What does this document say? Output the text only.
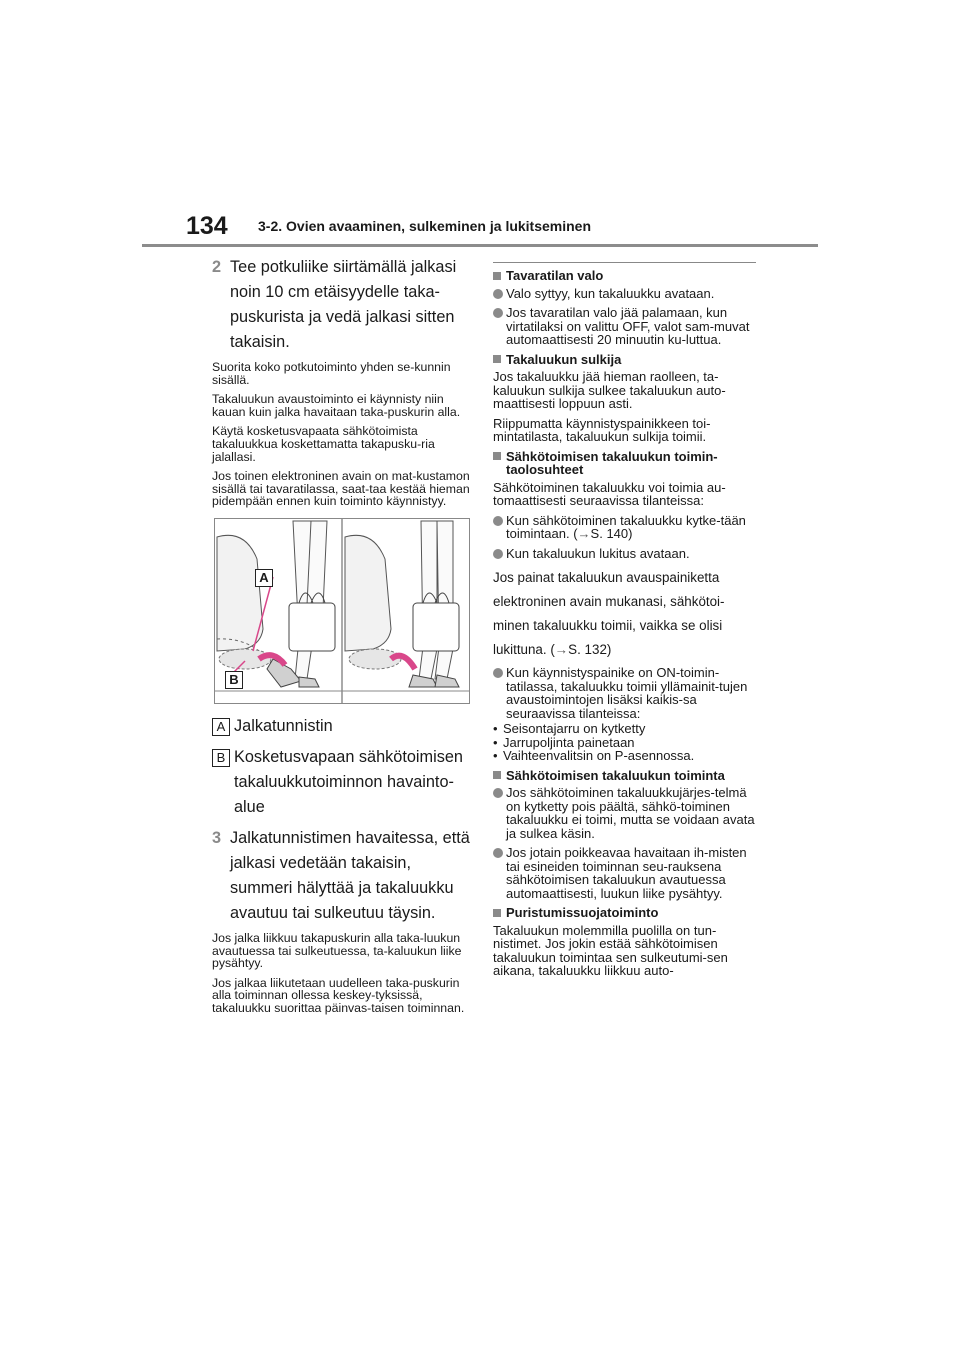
134 3-2. Ovien avaaminen, sulkeminen ja lukitseminen
2 Tee potkuliike siirtämällä jalkasi noin 10 cm etäisyydelle taka-puskurista ja vedä jalkasi sitten takaisin.
Suorita koko potkutoiminto yhden se-kunnin sisällä.
Takaluukun avaustoiminto ei käynnisty niin kauan kuin jalka havaitaan taka-puskurin alla.
Käytä kosketusvapaata sähkötoimista takaluukkua koskettamatta takapusku-ria jalallasi.
Jos toinen elektroninen avain on mat-kustamon sisällä tai tavaratilassa, saat-taa kestää hieman pidempään ennen kuin toiminto käynnistyy.
A
B
A Jalkatunnistin
B Kosketusvapaan sähkötoimisen takaluukkutoiminnon havainto-alue
3 Jalkatunnistimen havaitessa, että jalkasi vedetään takaisin, summeri hälyttää ja takaluukku avautuu tai sulkeutuu täysin.
Jos jalka liikkuu takapuskurin alla taka-luukun avautuessa tai sulkeutuessa, ta-kaluukun liike pysähtyy.
Jos jalkaa liikutetaan uudelleen taka-puskurin alla toiminnan ollessa keskey-tyksissä, takaluukku suorittaa päinvas-taisen toiminnan.
Tavaratilan valo
Valo syttyy, kun takaluukku avataan.
Jos tavaratilan valo jää palamaan, kun virtatilaksi on valittu OFF, valot sam-muvat automaattisesti 20 minuutin ku-luttua.
Takaluukun sulkija
Jos takaluukku jää hieman raolleen, ta-kaluukun sulkija sulkee takaluukun auto-maattisesti loppuun asti.
Riippumatta käynnistyspainikkeen toi-mintatilasta, takaluukun sulkija toimii.
Sähkötoimisen takaluukun toimin-taolosuhteet
Sähkötoiminen takaluukku voi toimia au-tomaattisesti seuraavissa tilanteissa:
Kun sähkötoiminen takaluukku kytke-tään toimintaan. (→S. 140)
Kun takaluukun lukitus avataan.
Jos painat takaluukun avauspainiketta elektroninen avain mukanasi, sähkötoi-minen takaluukku toimii, vaikka se olisi lukittuna. (→S. 132)
Kun käynnistyspainike on ON-toimin-tatilassa, takaluukku toimii yllämainit-tujen avaustoimintojen lisäksi kaikis-sa seuraavissa tilanteissa:
• Seisontajarru on kytketty
• Jarrupoljinta painetaan
• Vaihteenvalitsin on P-asennossa.
Sähkötoimisen takaluukun toiminta
Jos sähkötoiminen takaluukkujärjes-telmä on kytketty pois päältä, sähkö-toiminen takaluukku ei toimi, mutta se voidaan avata ja sulkea käsin.
Jos jotain poikkeavaa havaitaan ih-misten tai esineiden toiminnan seu-rauksena sähkötoimisen takaluukun avautuessa automaattisesti, luukun liike pysähtyy.
Puristumissuojatoiminto
Takaluukun molemmilla puolilla on tun-nistimet. Jos jokin estää sähkötoimisen takaluukun toimintaa sen sulkeutumi-sen aikana, takaluukku liikkuu auto-
